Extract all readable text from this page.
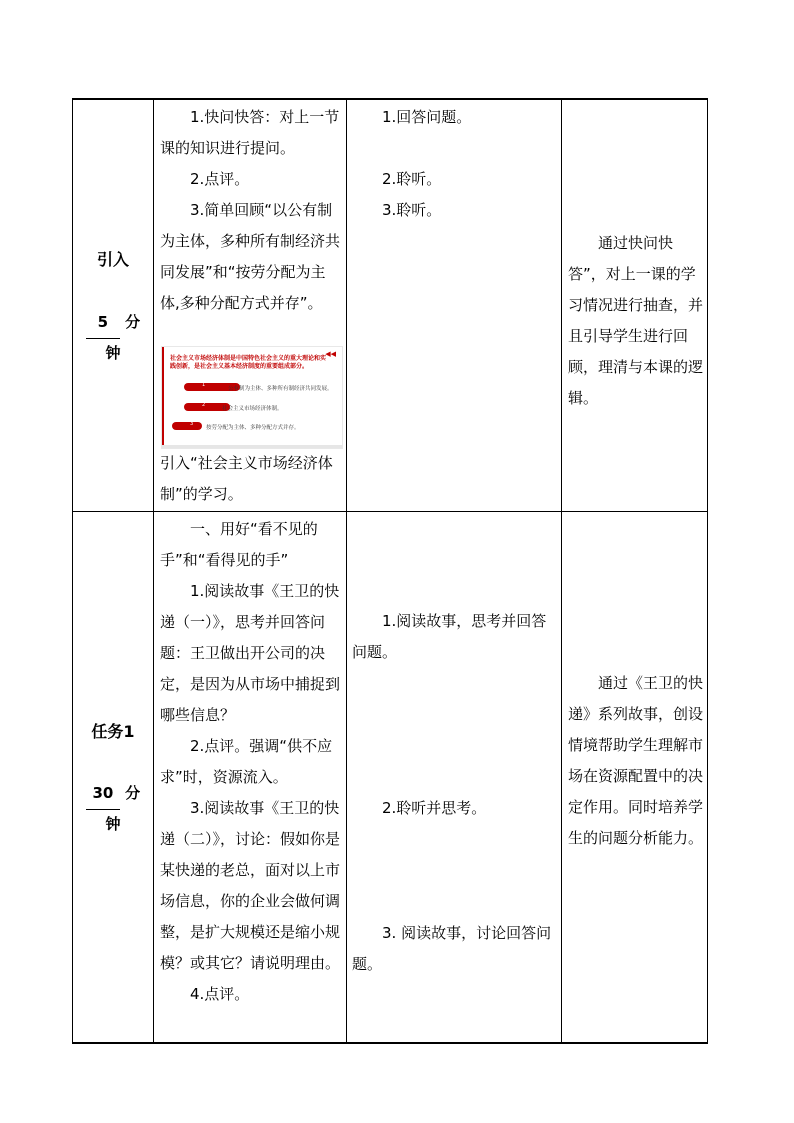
引入
5 分
钟

1.快问快答：对上一节课的知识进行提问。

2.点评。

3.简单回顾“以公有制为主体，多种所有制经济共同发展”和“按劳分配为主体,多种分配方式并存”。

◀◀
社会主义市场经济体制是中国特色社会主义的重大理论和实践创新，是社会主义基本经济制度的重要组成部分。
1
公有制为主体、多种所有制经济共同发展。
2
社会主义市场经济体制。
3
按劳分配为主体、多种分配方式并存。
引入“社会主义市场经济体制”的学习。

1.回答问题。

2.聆听。

3.聆听。

通过快问快答”，对上一课的学习情况进行抽查，并且引导学生进行回顾，理清与本课的逻辑。

任务1
30 分
钟

一、用好“看不见的手”和“看得见的手”

1.阅读故事《王卫的快递（一）》，思考并回答问题：王卫做出开公司的决定，是因为从市场中捕捉到哪些信息？

2.点评。强调“供不应求”时，资源流入。

3.阅读故事《王卫的快递（二）》，讨论：假如你是某快递的老总，面对以上市场信息，你的企业会做何调整，是扩大规模还是缩小规模？或其它？请说明理由。

4.点评。

1.阅读故事，思考并回答问题。

2.聆听并思考。

3. 阅读故事，讨论回答问题。

通过《王卫的快递》系列故事，创设情境帮助学生理解市场在资源配置中的决定作用。同时培养学生的问题分析能力。
